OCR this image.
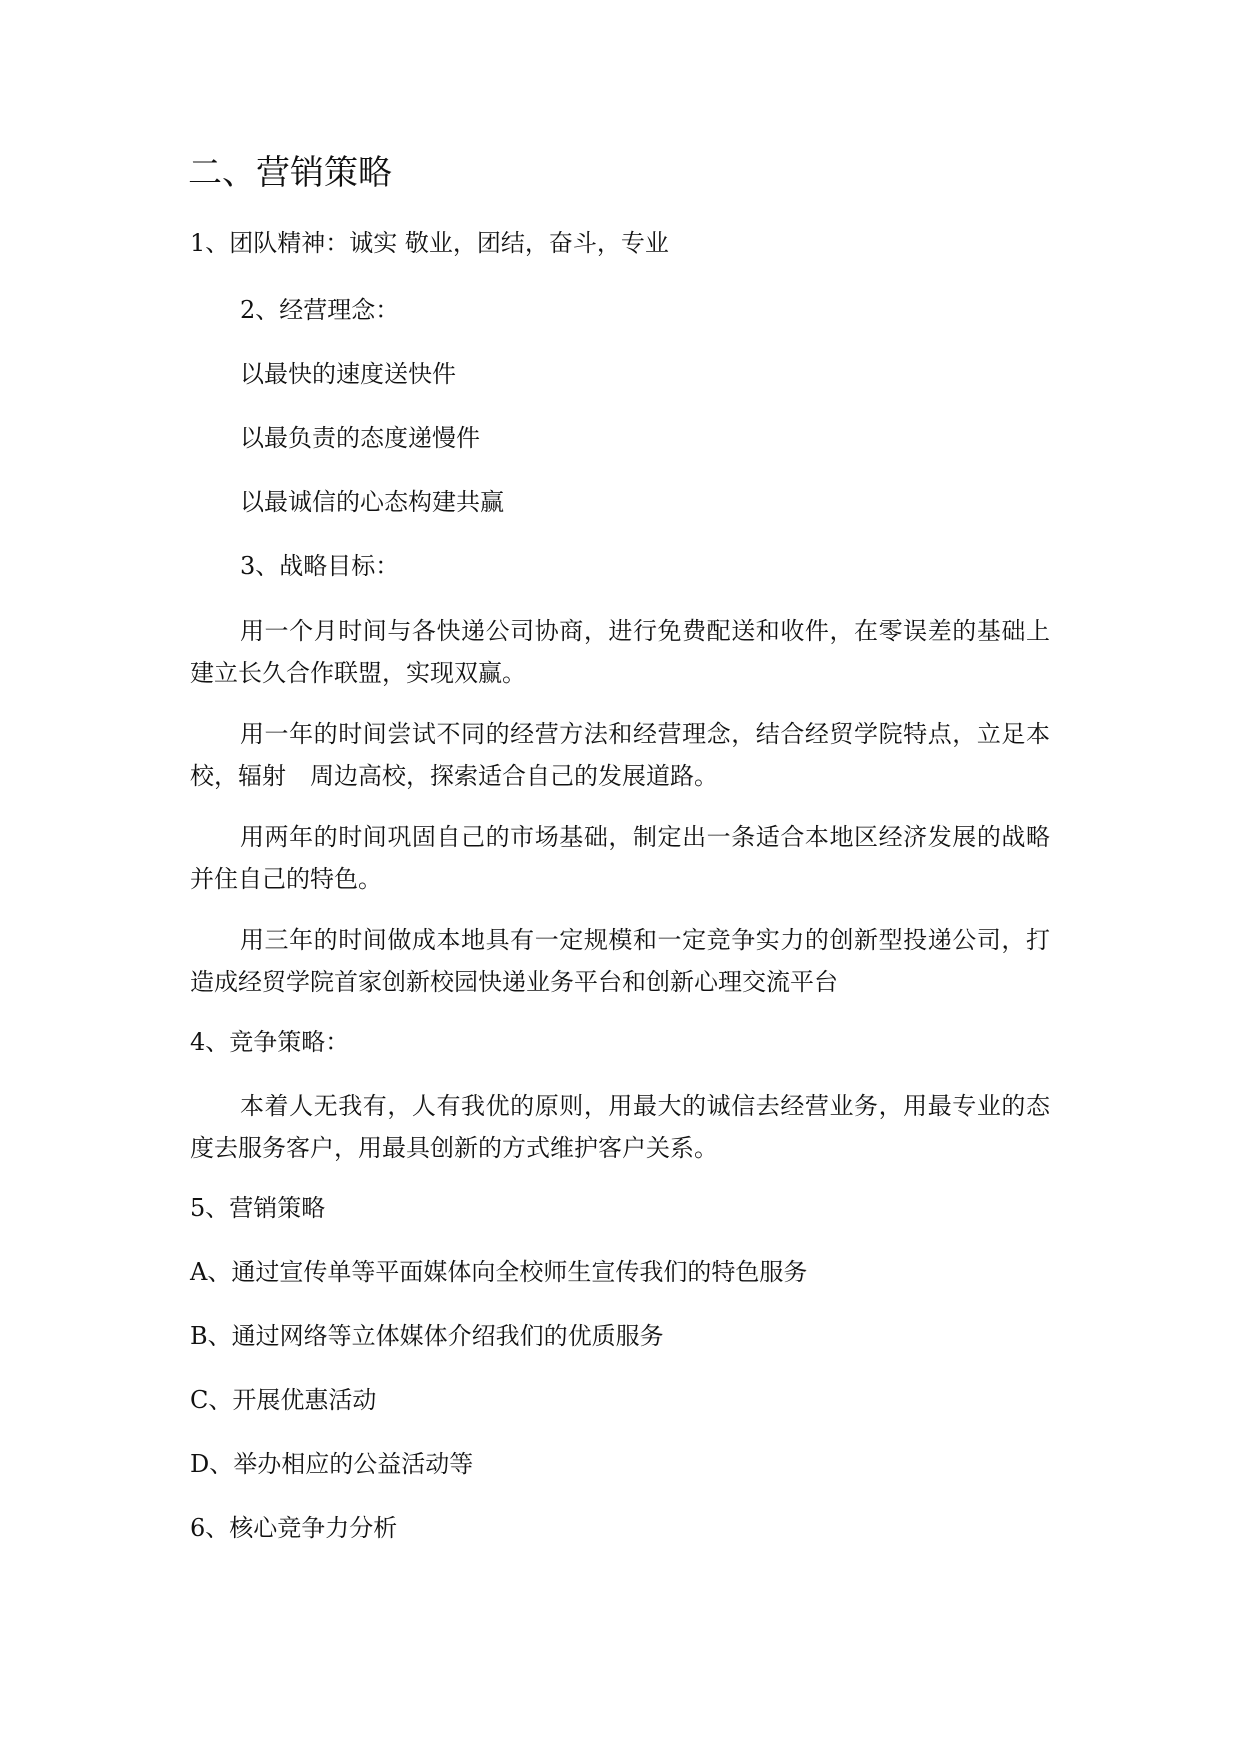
二、营销策略

1、团队精神：诚实 敬业，团结，奋斗，专业

2、经营理念：

以最快的速度送快件

以最负责的态度递慢件

以最诚信的心态构建共赢

3、战略目标：

用一个月时间与各快递公司协商，进行免费配送和收件，在零误差的基础上建立长久合作联盟，实现双赢。

用一年的时间尝试不同的经营方法和经营理念，结合经贸学院特点，立足本校，辐射　周边高校，探索适合自己的发展道路。

用两年的时间巩固自己的市场基础，制定出一条适合本地区经济发展的战略并住自己的特色。

用三年的时间做成本地具有一定规模和一定竞争实力的创新型投递公司，打造成经贸学院首家创新校园快递业务平台和创新心理交流平台

4、竞争策略：

本着人无我有，人有我优的原则，用最大的诚信去经营业务，用最专业的态度去服务客户，用最具创新的方式维护客户关系。

5、营销策略

A、通过宣传单等平面媒体向全校师生宣传我们的特色服务

B、通过网络等立体媒体介绍我们的优质服务

C、开展优惠活动

D、举办相应的公益活动等

6、核心竞争力分析
